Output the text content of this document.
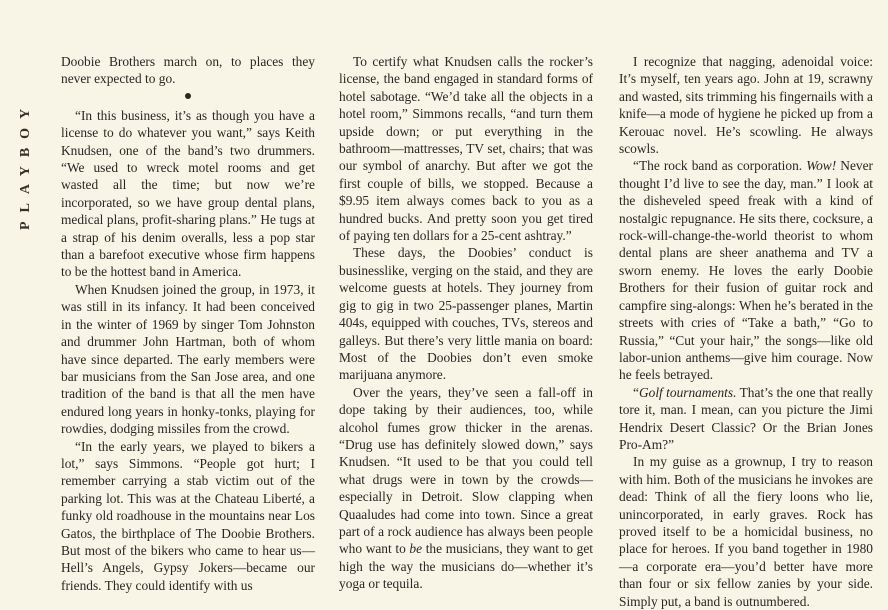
PLAYBOY

Doobie Brothers march on, to places they never expected to go.

“In this business, it’s as though you have a license to do whatever you want,” says Keith Knudsen, one of the band’s two drummers. “We used to wreck motel rooms and get wasted all the time; but now we’re incorporated, so we have group dental plans, medical plans, profit-sharing plans.” He tugs at a strap of his denim overalls, less a pop star than a barefoot executive whose firm happens to be the hottest band in America.

When Knudsen joined the group, in 1973, it was still in its infancy. It had been conceived in the winter of 1969 by singer Tom Johnston and drummer John Hartman, both of whom have since departed. The early members were bar musicians from the San Jose area, and one tradition of the band is that all the men have endured long years in honky-tonks, playing for rowdies, dodging missiles from the crowd.

“In the early years, we played to bikers a lot,” says Simmons. “People got hurt; I remember carrying a stab victim out of the parking lot. This was at the Chateau Liberté, a funky old roadhouse in the mountains near Los Gatos, the birthplace of The Doobie Brothers. But most of the bikers who came to hear us—Hell’s Angels, Gypsy Jokers—became our friends. They could identify with us

To certify what Knudsen calls the rocker’s license, the band engaged in standard forms of hotel sabotage. “We’d take all the objects in a hotel room,” Simmons recalls, “and turn them upside down; or put everything in the bathroom—mattresses, TV set, chairs; that was our symbol of anarchy. But after we got the first couple of bills, we stopped. Because a $9.95 item always comes back to you as a hundred bucks. And pretty soon you get tired of paying ten dollars for a 25-cent ashtray.”

These days, the Doobies’ conduct is businesslike, verging on the staid, and they are welcome guests at hotels. They journey from gig to gig in two 25-passenger planes, Martin 404s, equipped with couches, TVs, stereos and galleys. But there’s very little mania on board: Most of the Doobies don’t even smoke marijuana anymore.

Over the years, they’ve seen a fall-off in dope taking by their audiences, too, while alcohol fumes grow thicker in the arenas. “Drug use has definitely slowed down,” says Knudsen. “It used to be that you could tell what drugs were in town by the crowds—especially in Detroit. Slow clapping when Quaaludes had come into town. Since a great part of a rock audience has always been people who want to be the musicians, they want to get high the way the musicians do—whether it’s yoga or tequila.

I recognize that nagging, adenoidal voice: It’s myself, ten years ago. John at 19, scrawny and wasted, sits trimming his fingernails with a knife—a mode of hygiene he picked up from a Kerouac novel. He’s scowling. He always scowls.

“The rock band as corporation. Wow! Never thought I’d live to see the day, man.” I look at the disheveled speed freak with a kind of nostalgic repugnance. He sits there, cocksure, a rock-will-change-the-world theorist to whom dental plans are sheer anathema and TV a sworn enemy. He loves the early Doobie Brothers for their fusion of guitar rock and campfire sing-alongs: When he’s berated in the streets with cries of “Take a bath,” “Go to Russia,” “Cut your hair,” the songs—like old labor-union anthems—give him courage. Now he feels betrayed.

“Golf tournaments. That’s the one that really tore it, man. I mean, can you picture the Jimi Hendrix Desert Classic? Or the Brian Jones Pro-Am?”

In my guise as a grownup, I try to reason with him. Both of the musicians he invokes are dead: Think of all the fiery loons who lie, unincorporated, in early graves. Rock has proved itself to be a homicidal business, no place for heroes. If you band together in 1980—a corporate era—you’d better have more than four or six fellow zanies by your side. Simply put, a band is outnumbered.
